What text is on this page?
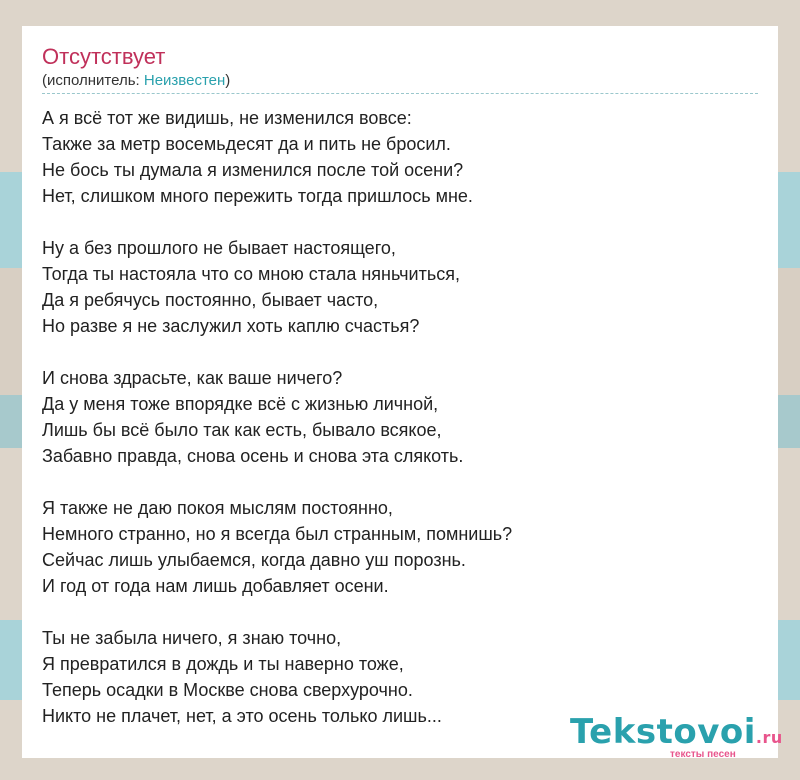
Отсутствует
(исполнитель: Неизвестен)
А я всё тот же видишь, не изменился вовсе:
Также за метр восемьдесят да и пить не бросил.
Не бось ты думала я изменился после той осени?
Нет, слишком много пережить тогда пришлось мне.
Ну а без прошлого не бывает настоящего,
Тогда ты настояла что со мною стала няньчиться,
Да я ребячусь постоянно, бывает часто,
Но разве я не заслужил хоть каплю счастья?
И снова здрасьте, как ваше ничего?
Да у меня тоже впорядке всё с жизнью личной,
Лишь бы всё было так как есть, бывало всякое,
Забавно правда, снова осень и снова эта слякоть.
Я также не даю покоя мыслям постоянно,
Немного странно, но я всегда был странным, помнишь?
Сейчас лишь улыбаемся, когда давно уш порознь.
И год от года нам лишь добавляет осени.
Ты не забыла ничего, я знаю точно,
Я превратился в дождь и ты наверно тоже,
Теперь осадки в Москве снова сверхурочно.
Никто не плачет, нет, а это осень только лишь...	Tekstovoi.ru
тексты песен
